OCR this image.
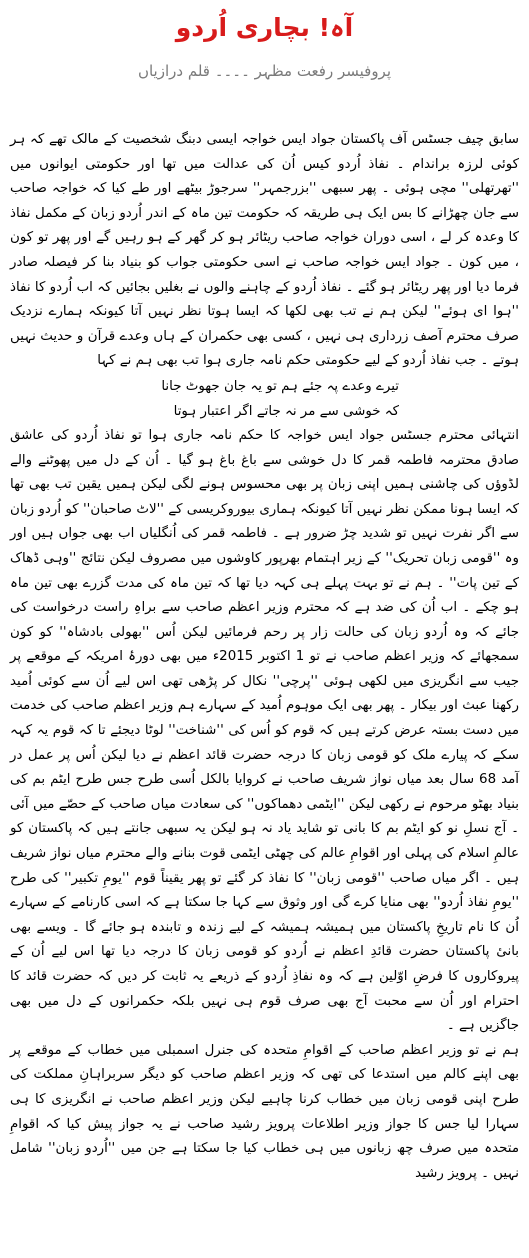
آہ! بچاری اُردو
پروفیسر رفعت مظہر ۔۔۔۔ قلم درازیاں

سابق چیف جسٹس آف پاکستان جواد ایس خواجہ ایسی دبنگ شخصیت کے مالک تھے کہ ہر کوئی لرزہ براندام ۔ نفاذ اُردو کیس اُن کی عدالت میں تھا اور حکومتی ایوانوں میں ''تھرتھلی'' مچی ہوئی ۔ پھر سبھی ''بزرجمہر'' سرجوڑ بیٹھے اور طے کیا کہ خواجہ صاحب سے جان چھڑانے کا بس ایک ہی طریقہ کہ حکومت تین ماہ کے اندر اُردو زبان کے مکمل نفاذ کا وعدہ کر لے ، اسی دوران خواجہ صاحب ریٹائر ہو کر گھر کے ہو رہیں گے اور پھر تو کون ، میں کون ۔ جواد ایس خواجہ صاحب نے اسی حکومتی جواب کو بنیاد بنا کر فیصلہ صادر فرما دیا اور پھر ریٹائر ہو گئے ۔ نفاذ اُردو کے چاہنے والوں نے بغلیں بجائیں کہ اب اُردو کا نفاذ ''ہوا ای ہوئے'' لیکن ہم نے تب بھی لکھا کہ ایسا ہوتا نظر نہیں آتا کیونکہ ہمارے نزدیک صرف محترم آصف زرداری ہی نہیں ، کسی بھی حکمران کے ہاں وعدے قرآن و حدیث نہیں ہوتے ۔ جب نفاذ اُردو کے لیے حکومتی حکم نامہ جاری ہوا تب بھی ہم نے کہا

تیرے وعدے پہ جئے ہم تو یہ جان جھوٹ جانا

کہ خوشی سے مر نہ جاتے اگر اعتبار ہوتا

انتہائی محترم جسٹس جواد ایس خواجہ کا حکم نامہ جاری ہوا تو نفاذ اُردو کی عاشق صادق محترمہ فاطمہ قمر کا دل خوشی سے باغ باغ ہو گیا ۔ اُن کے دل میں پھوٹنے والے لڈوؤں کی چاشنی ہمیں اپنی زبان پر بھی محسوس ہونے لگی لیکن ہمیں یقین تب بھی تھا کہ ایسا ہونا ممکن نظر نہیں آتا کیونکہ ہماری بیوروکریسی کے ''لاٹ صاحبان'' کو اُردو زبان سے اگر نفرت نہیں تو شدید چڑ ضرور ہے ۔ فاطمہ قمر کی اُنگلیاں اب بھی جواں ہیں اور وہ ''قومی زبان تحریک'' کے زیر اہتمام بھرپور کاوشوں میں مصروف لیکن نتائج ''وہی ڈھاک کے تین پات'' ۔ ہم نے تو بہت پہلے ہی کہہ دیا تھا کہ تین ماہ کی مدت گزرے بھی تین ماہ ہو چکے ۔ اب اُن کی ضد ہے کہ محترم وزیر اعظم صاحب سے براہِ راست درخواست کی جائے کہ وہ اُردو زبان کی حالت زار پر رحم فرمائیں لیکن اُس ''بھولی بادشاہ'' کو کون سمجھائے کہ وزیر اعظم صاحب نے تو 1 اکتوبر 2015ء میں بھی دورۂ امریکہ کے موقعے پر جیب سے انگریزی میں لکھی ہوئی ''پرچی'' نکال کر پڑھی تھی اس لیے اُن سے کوئی اُمید رکھنا عبث اور بیکار ۔ پھر بھی ایک موہوم اُمید کے سہارے ہم وزیر اعظم صاحب کی خدمت میں دست بستہ عرض کرتے ہیں کہ قوم کو اُس کی ''شناخت'' لوٹا دیجئے تا کہ قوم یہ کہہ سکے کہ پیارے ملک کو قومی زبان کا درجہ حضرت قائد اعظم نے دیا لیکن اُس پر عمل در آمد 68 سال بعد میاں نواز شریف صاحب نے کروایا بالکل اُسی طرح جس طرح ایٹم بم کی بنیاد بھٹو مرحوم نے رکھی لیکن ''ایٹمی دھماکوں'' کی سعادت میاں صاحب کے حصّے میں آئی ۔ آج نسلِ نو کو ایٹم بم کا بانی تو شاید یاد نہ ہو لیکن یہ سبھی جانتے ہیں کہ پاکستان کو عالمِ اسلام کی پہلی اور اقوامِ عالم کی چھٹی ایٹمی قوت بنانے والے محترم میاں نواز شریف ہیں ۔ اگر میاں صاحب ''قومی زبان'' کا نفاذ کر گئے تو پھر یقیناً قوم ''یومِ تکبیر'' کی طرح ''یومِ نفاذ اُردو'' بھی منایا کرے گی اور وثوق سے کہا جا سکتا ہے کہ اسی کارنامے کے سہارے اُن کا نام تاریخِ پاکستان میں ہمیشہ ہمیشہ کے لیے زندہ و تابندہ ہو جائے گا ۔ ویسے بھی بانیٔ پاکستان حضرت قائدِ اعظم نے اُردو کو قومی زبان کا درجہ دیا تھا اس لیے اُن کے پیروکاروں کا فرضِ اوّلین ہے کہ وہ نفاذِ اُردو کے ذریعے یہ ثابت کر دیں کہ حضرت قائد کا احترام اور اُن سے محبت آج بھی صرف قوم ہی نہیں بلکہ حکمرانوں کے دل میں بھی جاگزیں ہے ۔

ہم نے تو وزیر اعظم صاحب کے اقوامِ متحدہ کی جنرل اسمبلی میں خطاب کے موقعے پر بھی اپنے کالم میں استدعا کی تھی کہ وزیر اعظم صاحب کو دیگر سربراہانِ مملکت کی طرح اپنی قومی زبان میں خطاب کرنا چاہیے لیکن وزیر اعظم صاحب نے انگریزی کا ہی سہارا لیا جس کا جواز وزیر اطلاعات پرویز رشید صاحب نے یہ جواز پیش کیا کہ اقوامِ متحدہ میں صرف چھ زبانوں میں ہی خطاب کیا جا سکتا ہے جن میں ''اُردو زبان'' شامل نہیں ۔ پرویز رشید
